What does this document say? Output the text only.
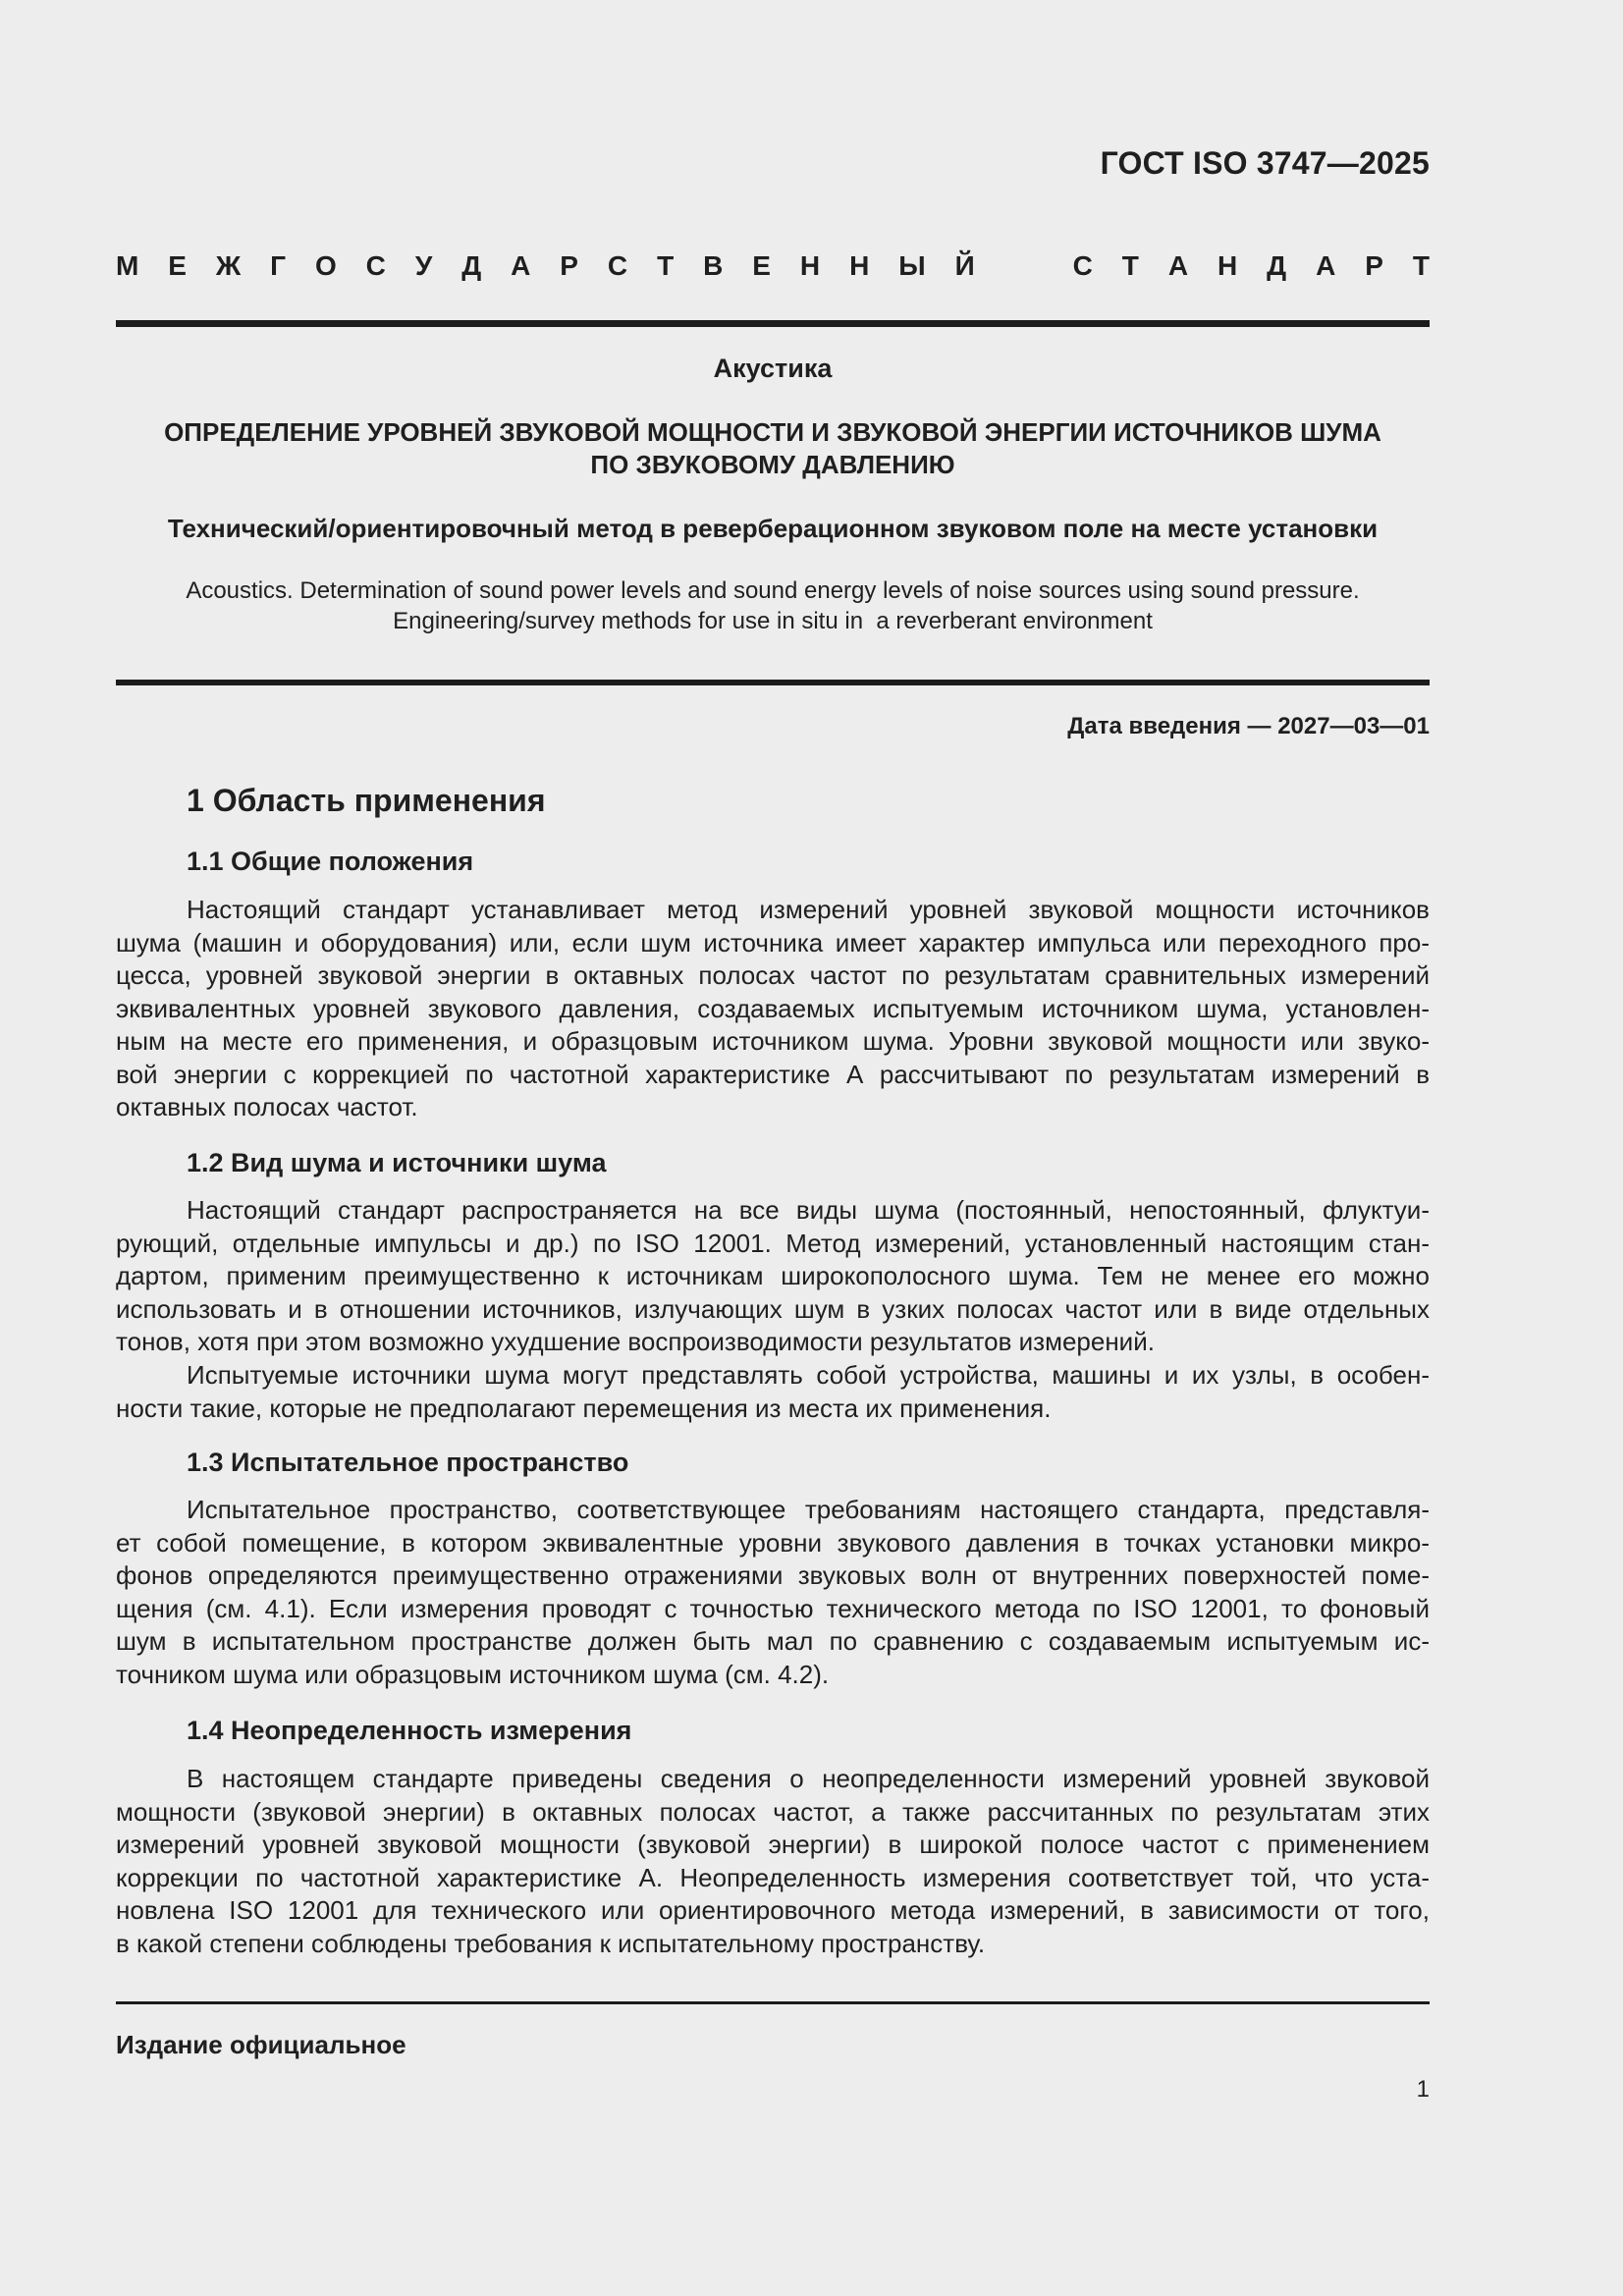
ГОСТ ISO 3747—2025
М Е Ж Г О С У Д А Р С Т В Е Н Н Ы Й	С Т А Н Д А Р Т
Акустика
ОПРЕДЕЛЕНИЕ УРОВНЕЙ ЗВУКОВОЙ МОЩНОСТИ И ЗВУКОВОЙ ЭНЕРГИИ ИСТОЧНИКОВ ШУМА
ПО ЗВУКОВОМУ ДАВЛЕНИЮ
Технический/ориентировочный метод в реверберационном звуковом поле на месте установки
Acoustics. Determination of sound power levels and sound energy levels of noise sources using sound pressure.
Engineering/survey methods for use in situ in  a reverberant environment
Дата введения — 2027—03—01
1 Область применения
1.1 Общие положения
Настоящий стандарт устанавливает метод измерений уровней звуковой мощности источников
шума (машин и оборудования) или, если шум источника имеет характер импульса или переходного про-
цесса, уровней звуковой энергии в октавных полосах частот по результатам сравнительных измерений
эквивалентных уровней звукового давления, создаваемых испытуемым источником шума, установлен-
ным на месте его применения, и образцовым источником шума. Уровни звуковой мощности или звуко-
вой энергии с коррекцией по частотной характеристике А рассчитывают по результатам измерений в
октавных полосах частот.
1.2 Вид шума и источники шума
Настоящий стандарт распространяется на все виды шума (постоянный, непостоянный, флуктуи-
рующий, отдельные импульсы и др.) по ISO 12001. Метод измерений, установленный настоящим стан-
дартом, применим преимущественно к источникам широкополосного шума. Тем не менее его можно
использовать и в отношении источников, излучающих шум в узких полосах частот или в виде отдельных
тонов, хотя при этом возможно ухудшение воспроизводимости результатов измерений.
Испытуемые источники шума могут представлять собой устройства, машины и их узлы, в особен-
ности такие, которые не предполагают перемещения из места их применения.
1.3 Испытательное пространство
Испытательное пространство, соответствующее требованиям настоящего стандарта, представля-
ет собой помещение, в котором эквивалентные уровни звукового давления в точках установки микро-
фонов определяются преимущественно отражениями звуковых волн от внутренних поверхностей поме-
щения (см. 4.1). Если измерения проводят с точностью технического метода по ISO 12001, то фоновый
шум в испытательном пространстве должен быть мал по сравнению с создаваемым испытуемым ис-
точником шума или образцовым источником шума (см. 4.2).
1.4 Неопределенность измерения
В настоящем стандарте приведены сведения о неопределенности измерений уровней звуковой
мощности (звуковой энергии) в октавных полосах частот, а также рассчитанных по результатам этих
измерений уровней звуковой мощности (звуковой энергии) в широкой полосе частот с применением
коррекции по частотной характеристике А. Неопределенность измерения соответствует той, что уста-
новлена ISO 12001 для технического или ориентировочного метода измерений, в зависимости от того,
в какой степени соблюдены требования к испытательному пространству.
Издание официальное
1
